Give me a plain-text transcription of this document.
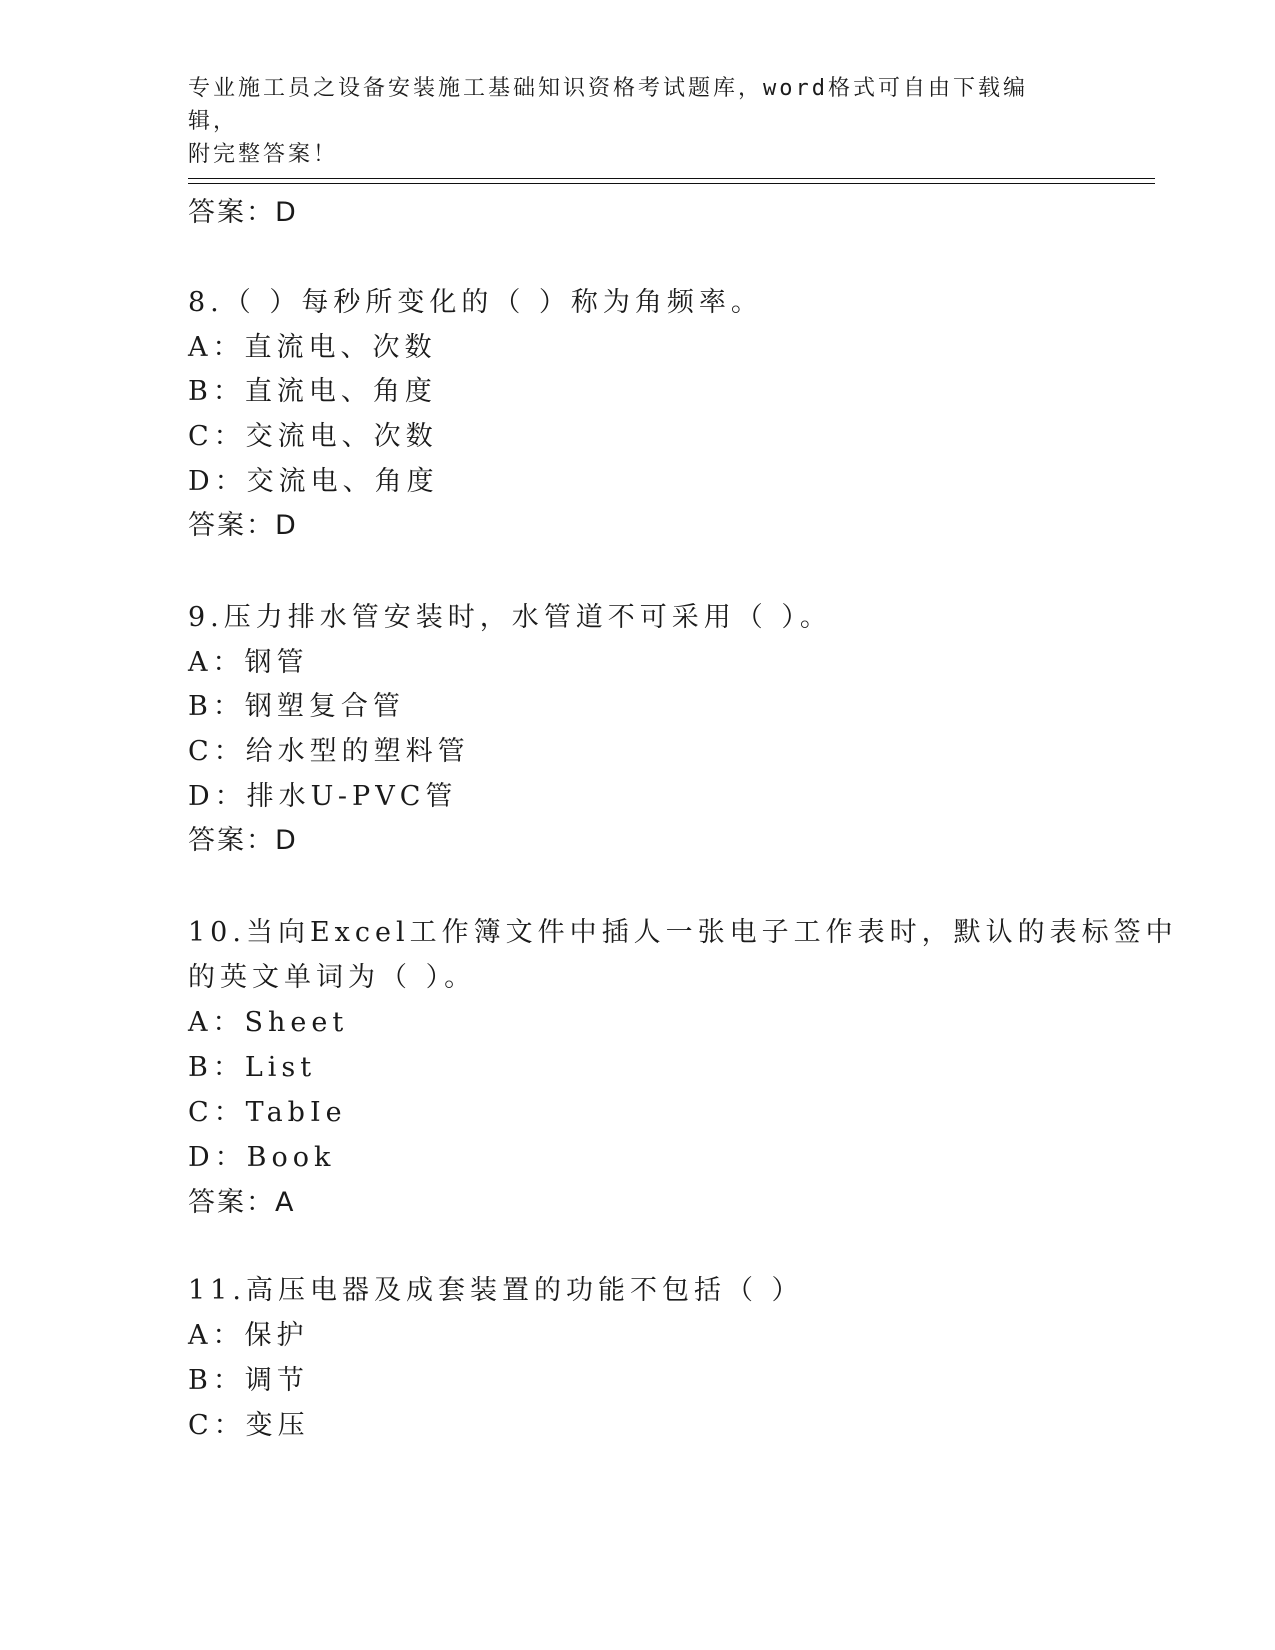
专业施工员之设备安装施工基础知识资格考试题库，word格式可自由下载编辑，
附完整答案！
答案：D
8.（ ）每秒所变化的（ ）称为角频率。
A：直流电、次数
B：直流电、角度
C：交流电、次数
D：交流电、角度
答案：D
9.压力排水管安装时，水管道不可采用（ ）。
A：钢管
B：钢塑复合管
C：给水型的塑料管
D：排水U-PVC管
答案：D
10.当向Excel工作簿文件中插人一张电子工作表时，默认的表标签中
的英文单词为（ ）。
A：Sheet
B：List
C：TabIe
D：Book
答案：A
11.高压电器及成套装置的功能不包括（ ）
A：保护
B：调节
C：变压
